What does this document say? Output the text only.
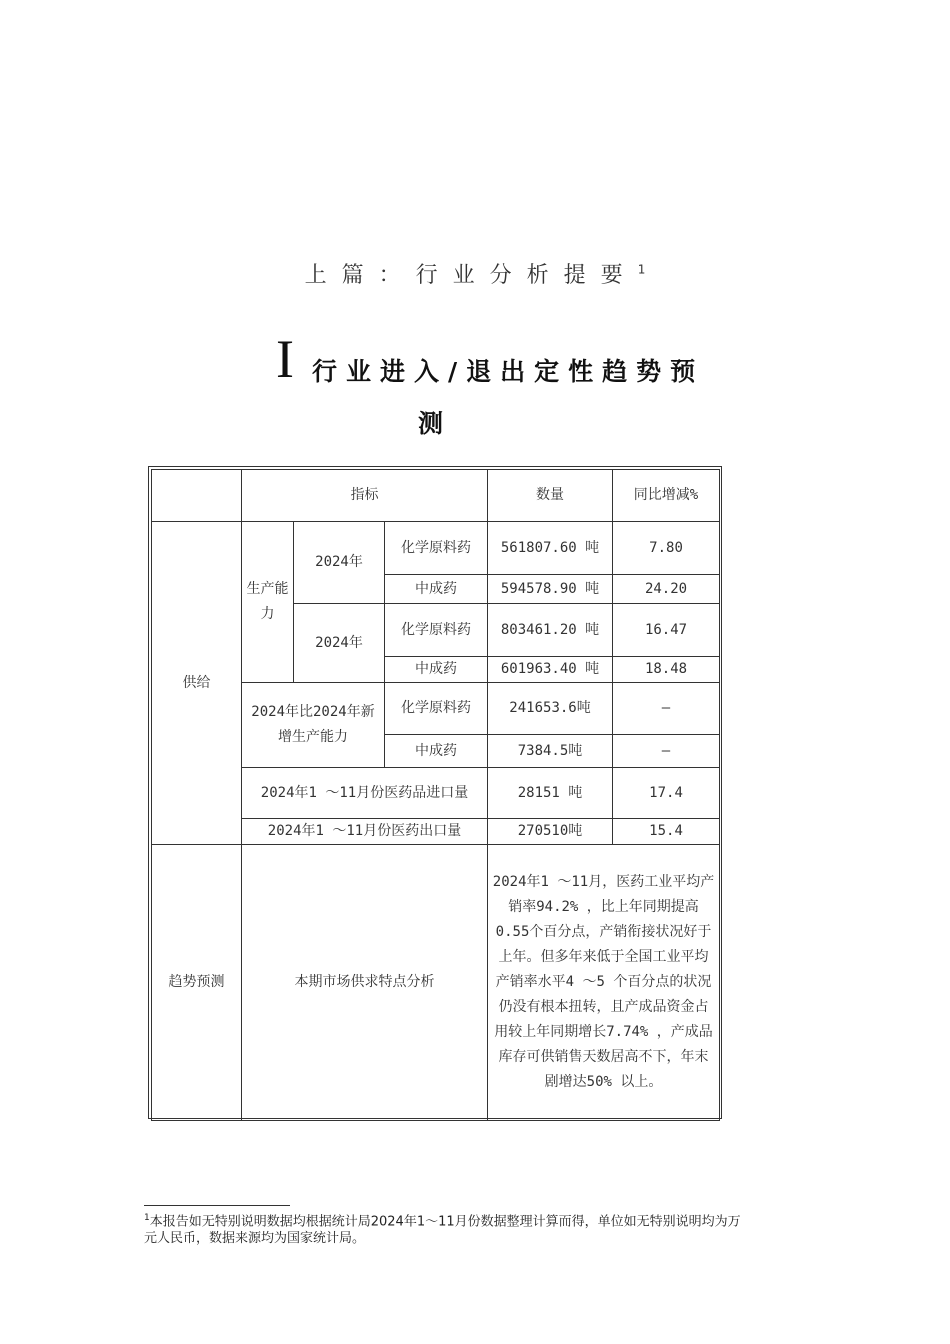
上篇：行业分析提要$^1$
I 行业进入/退出定性趋势预
测
	指标			数量	同比增减%
供给	生产能力	2024年	化学原料药	561807.60 吨	7.80
			中成药	594578.90 吨	24.20
		2024年	化学原料药	803461.20 吨	16.47
			中成药	601963.40 吨	18.48
	2024年比2024年新增生产能力		化学原料药	241653.6吨	—
			中成药	7384.5吨	—
	2024年1 ～11月份医药品进口量			28151 吨	17.4
	2024年1 ～11月份医药出口量			270510吨	15.4
趋势预测	本期市场供求特点分析			2024年1 ～11月，医药工业平均产销率94.2% ，比上年同期提高0.55个百分点，产销衔接状况好于上年。但多年来低于全国工业平均产销率水平4 ～5 个百分点的状况仍没有根本扭转，且产成品资金占用较上年同期增长7.74% ，产成品库存可供销售天数居高不下，年末剧增达50% 以上。	
$^1$本报告如无特别说明数据均根据统计局2024年1～11月份数据整理计算而得，单位如无特别说明均为万元人民币，数据来源均为国家统计局。
